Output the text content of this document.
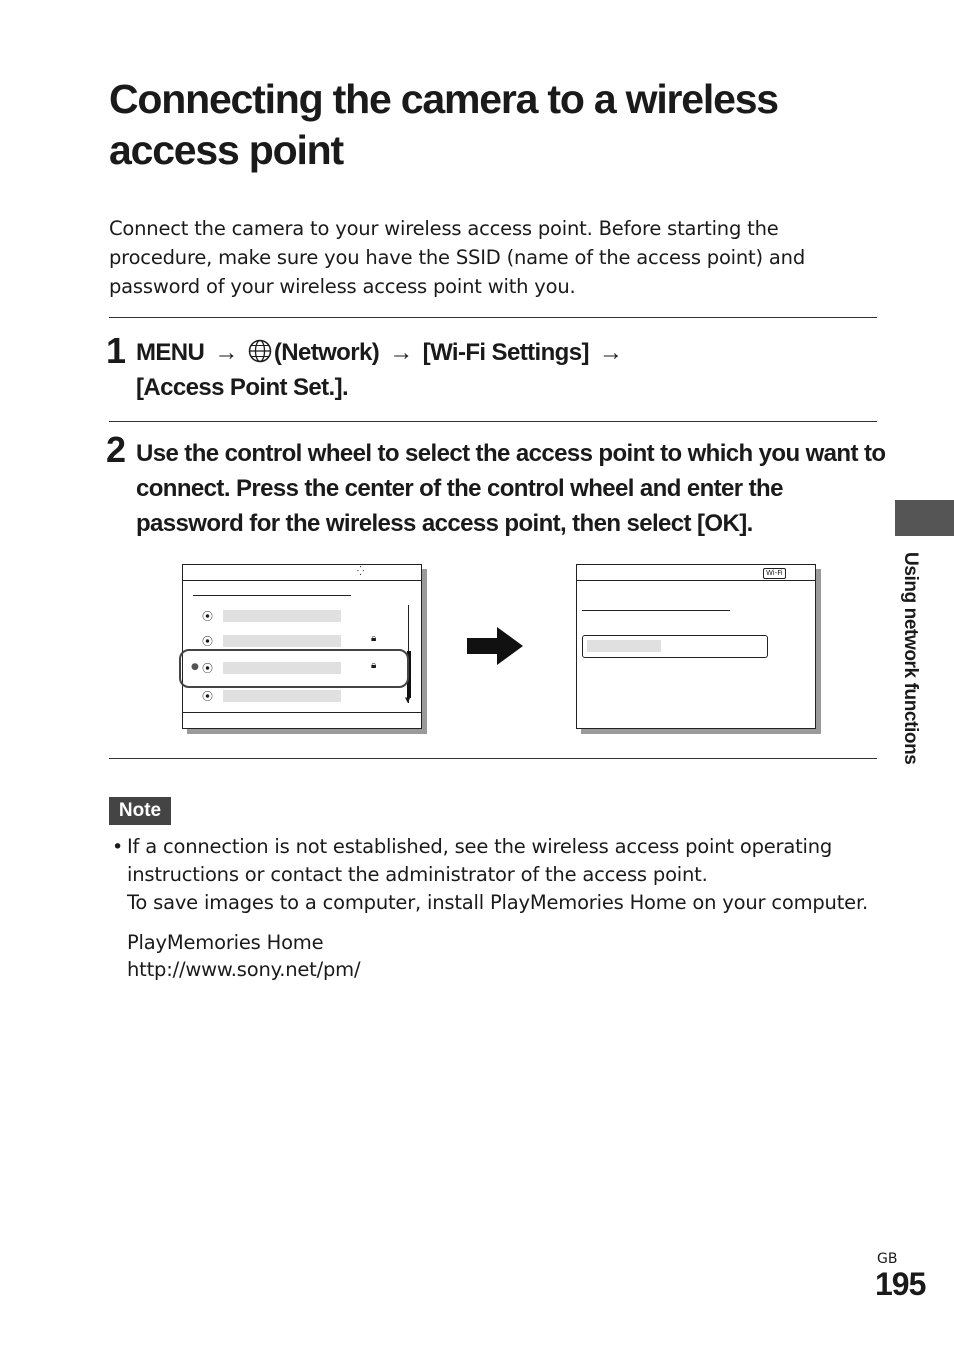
Connecting the camera to a wireless
access point

Connect the camera to your wireless access point. Before starting the procedure, make sure you have the SSID (name of the access point) and password of your wireless access point with you.

1 MENU → (Network) → [Wi-Fi Settings] →
[Access Point Set.].
2 Use the control wheel to select the access point to which you want to connect. Press the center of the control wheel and enter the password for the wireless access point, then select [OK].
⁛
⦿
⦿	🔒︎
● ⦿	🔒︎
⦿	▼
Wi-Fi
Note
• If a connection is not established, see the wireless access point operating instructions or contact the administrator of the access point.
To save images to a computer, install PlayMemories Home on your computer.

PlayMemories Home
http://www.sony.net/pm/

Using network functions
GB
195
